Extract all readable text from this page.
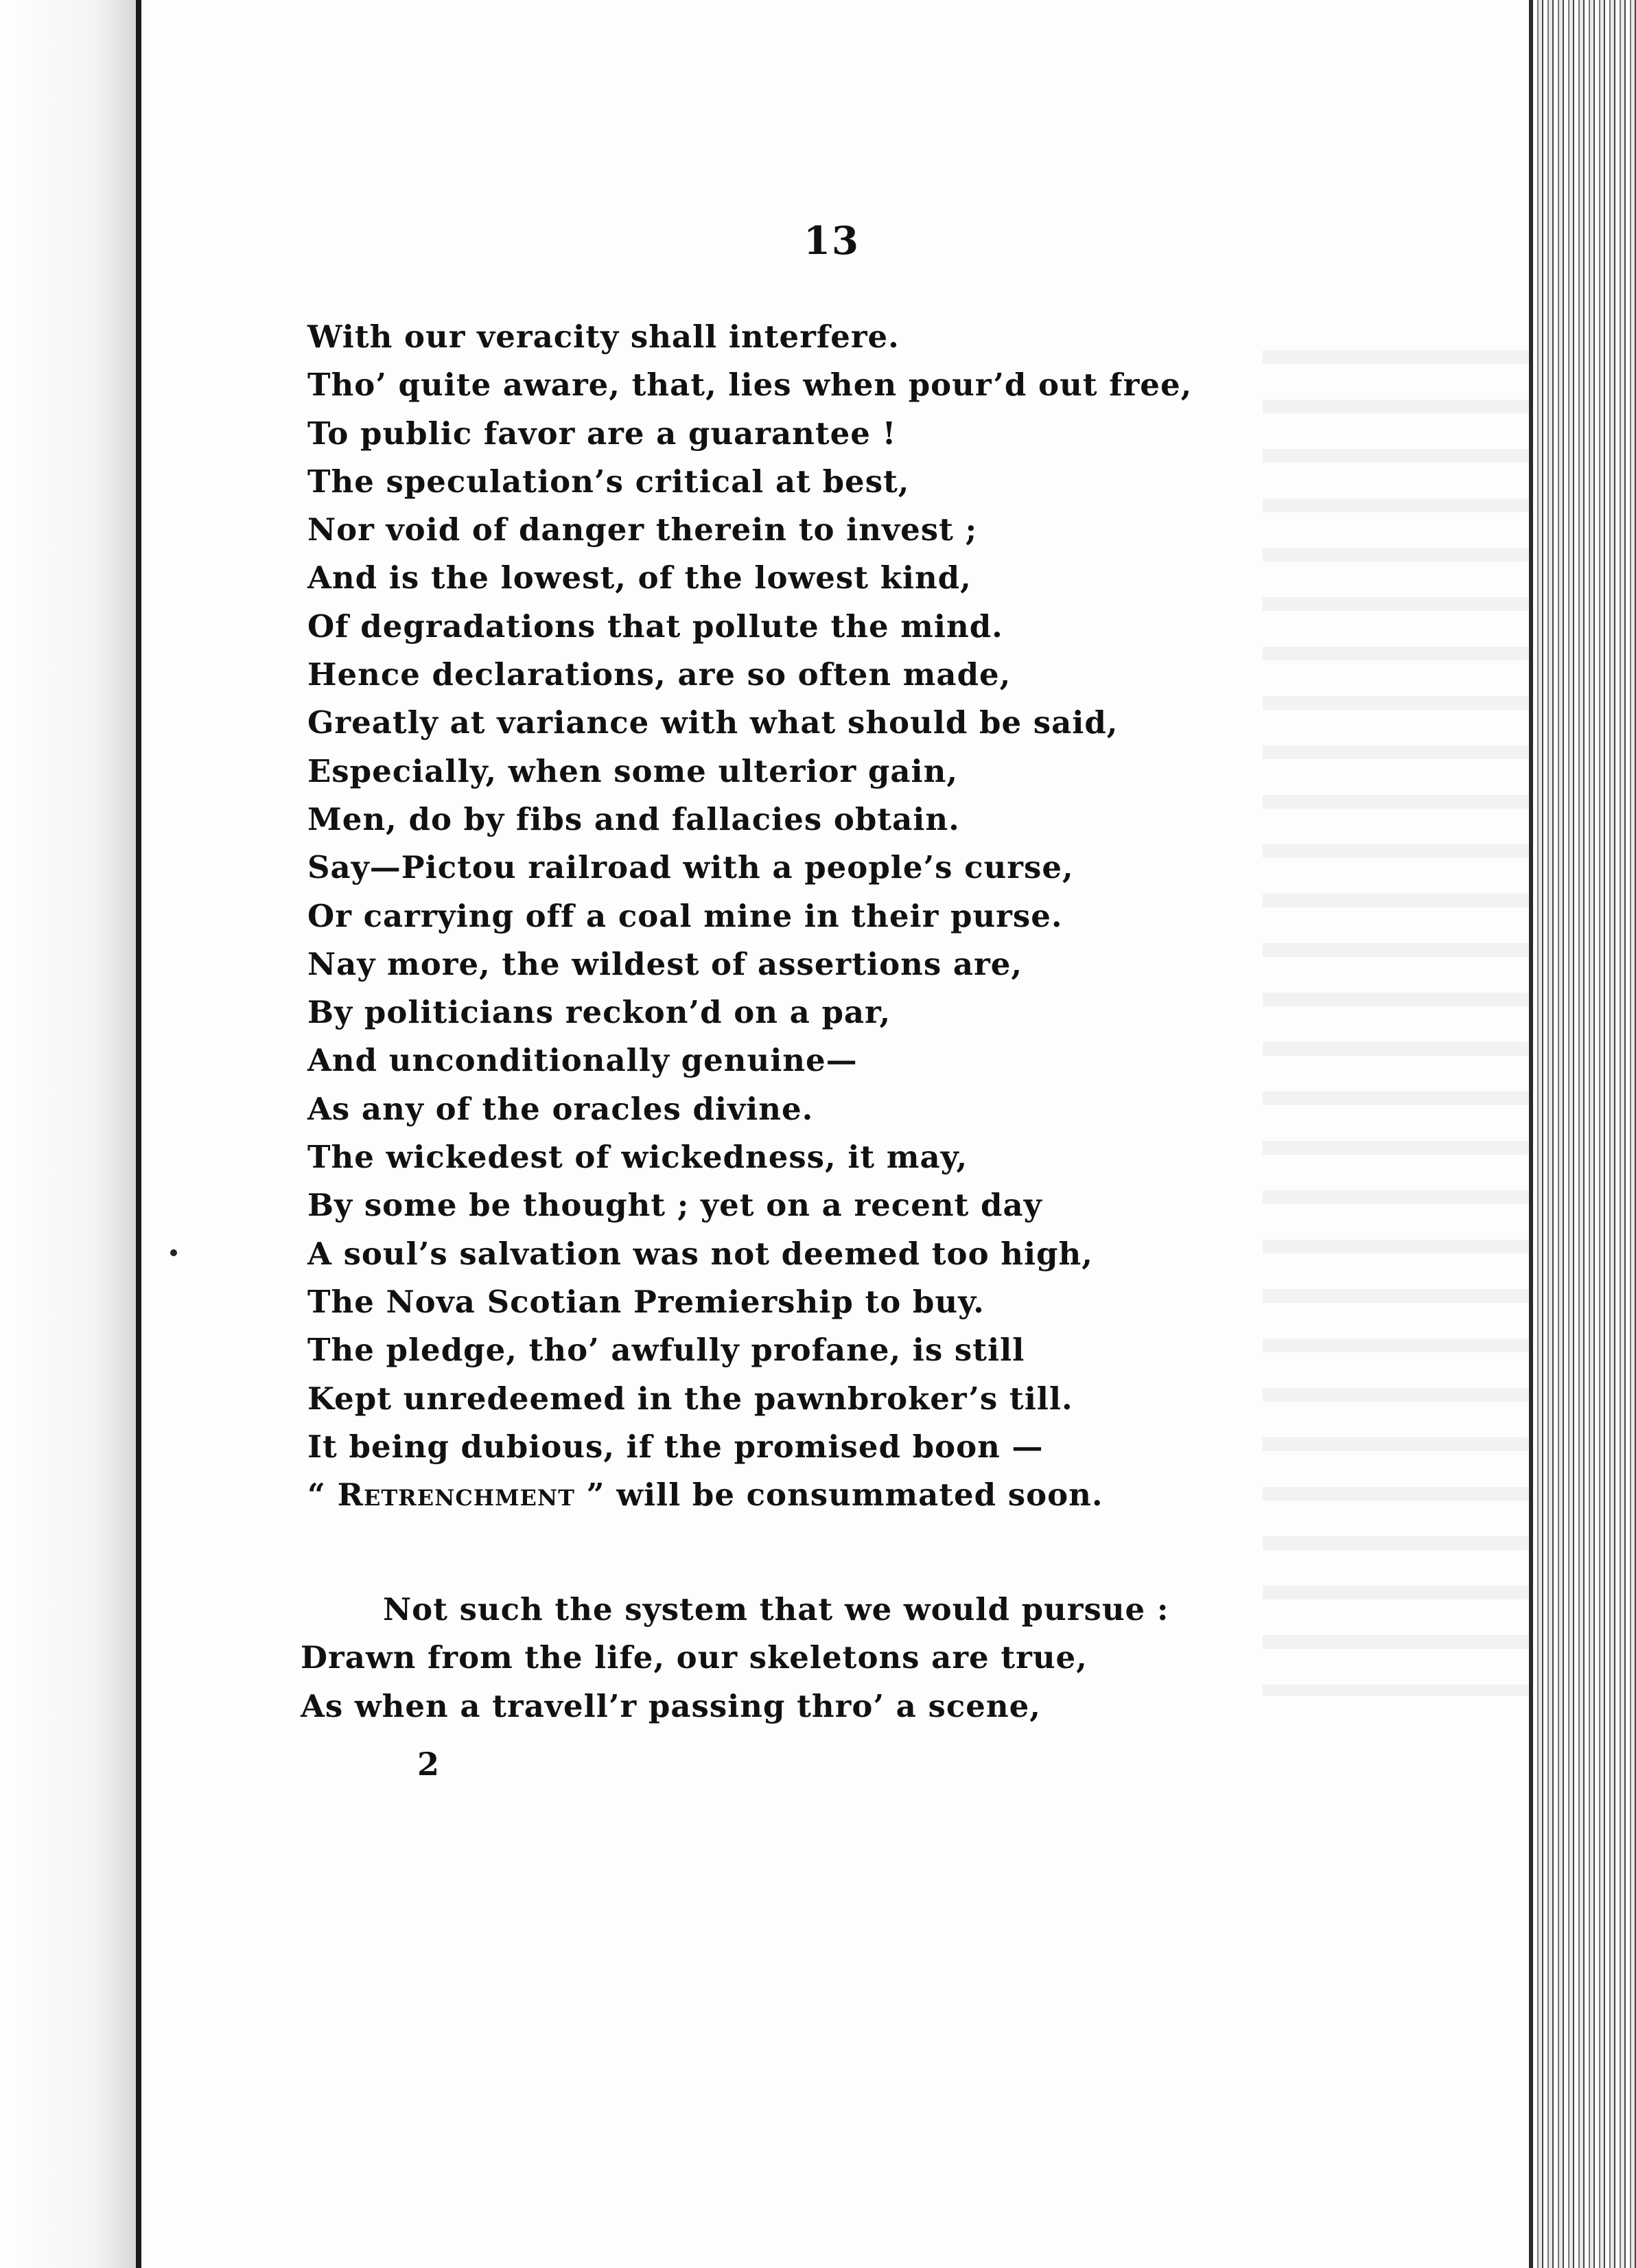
13
With our veracity shall interfere.
Tho’ quite aware, that, lies when pour’d out free,
To public favor are a guarantee !
The speculation’s critical at best,
Nor void of danger therein to invest ;
And is the lowest, of the lowest kind,
Of degradations that pollute the mind.
Hence declarations, are so often made,
Greatly at variance with what should be said,
Especially, when some ulterior gain,
Men, do by fibs and fallacies obtain.
Say—Pictou railroad with a people’s curse,
Or carrying off a coal mine in their purse.
Nay more, the wildest of assertions are,
By politicians reckon’d on a par,
And unconditionally genuine—
As any of the oracles divine.
The wickedest of wickedness, it may,
By some be thought ; yet on a recent day
A soul’s salvation was not deemed too high,
The Nova Scotian Premiership to buy.
The pledge, tho’ awfully profane, is still
Kept unredeemed in the pawnbroker’s till.
It being dubious, if the promised boon —
“ Retrenchment ” will be consummated soon.
Not such the system that we would pursue :
Drawn from the life, our skeletons are true,
As when a travell’r passing thro’ a scene,
2
